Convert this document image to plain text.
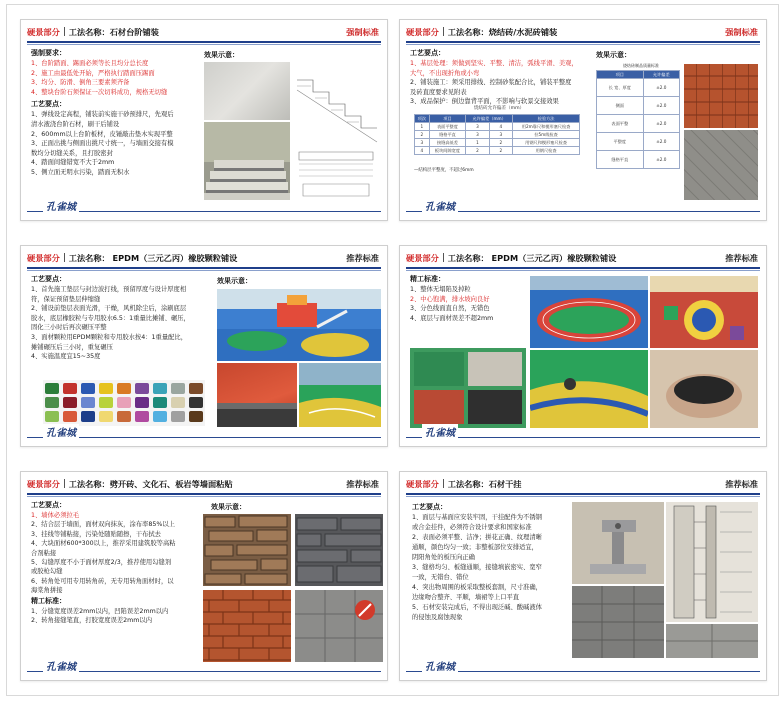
硬景部分 工法名称：石材台阶铺装	强制标准

强制要求：

1、台阶踏面、踢面必须等长且均分总长度

2、施工由最低处开始，严格执行踏面压踢面

3、均分、防滑、倒角三要素须齐备

4、整块台阶石须保证一次切料成功，规格无切缝

工艺要点：

1、弹线设定高程，铺装前实施干砂预排尺，先观后

清水液浇台阶石材，刷干后铺设

2、600mm以上台阶板材，皮锤敲击垫木实现平整

3、正面出挑与侧面出挑尺寸统一，与墙面交接有模

数均分切缝关系，且打胶密封

4、踏面间缝错宽不大于2mm

5、侧立面无明水污染，踏面无积水

效果示意：
孔雀城
硬景部分 工法名称：烧结砖/水泥砖铺装	强制标准

工艺要点：

1、基层处理：须做到坚实、平整、清洁，弧线平滑、美观，

大气，不出现折角或小弯

2、铺装施工：须采用排线、控制砂浆配合比，铺装平整度

及砖直度要求见附表

3、成品保护：倒边靠背平面，不影响与软景交接效果

烧结砖允许偏差（mm）
项次	项目	允许偏差（mm）		检验方法
1	表面平整度	3	4	用2m靠尺和楔形塞尺检查
2	缝格平直	3	3	拉5m线检查
3	接缝高低差	1	2	用钢尺和楔形塞尺检查
4	板块间隙宽度	2	2	用钢尺检查
—结构层平整度，不超过6mm
效果示意：
烧结砖制品质量标准
项目	允许偏差
长 宽、厚度	±2.0
侧面	±2.0
表面平整	±2.0
平整度	±2.0
缝格平直	±2.0
孔雀城
硬景部分 工法名称： EPDM（三元乙丙）橡胶颗粒铺设	推荐标准

工艺要点：

1、首先施工垫层与封边波打线，预留厚度与设计厚度相

符，保证预留垫层伸缩缝

2、铺设前垫层表面光滑，干燥，风机除尘后，涂刷底层

胶水，底层橡胶粒与专用胶水6.5：1重量比摊铺、碾压，

固化三小时后再次碾压平整

3、面材颗粒用EPDM颗粒和专用胶水按4：1重量配比，

摊铺碾压后三小时，重复碾压

4、实施温度宜15~35度

效果示意：
孔雀城
硬景部分 工法名称： EPDM（三元乙丙）橡胶颗粒铺设	推荐标准

精工标准：

1、整体无塌陷及掉粒

2、中心饱满，排水坡向良好

3、分色线面直自然，无错色

4、底层与面材误差不超2mm

孔雀城
硬景部分 工法名称：劈开砖、文化石、板岩等墙面粘贴	推荐标准

工艺要点：

1、墙体必须拉毛

2、结合层于墙面，面材双向抹灰，涂布率85%以上

3、挂线等铺粘接，污染处随贴随擦，干布拭去

4、大块面材600*300以上，推荐采用建筑胶等高粘

合剂粘接

5、勾缝厚度不小于面材厚度2/3，推荐使用勾缝剂

或胶枪勾缝

6、转角处可用专用转角砖，无专用转角面材时，以

海棠角拼接

精工标准：

1、分缝宽度误差2mm以内，凹陷误差2mm以内

2、转角接缝笔直，打胶宽度误差2mm以内

效果示意：
孔雀城
硬景部分 工法名称：石材干挂	推荐标准

工艺要点：

1、面层与基面应安装牢固，干挂配件为不锈钢

或合金挂件，必须符合设计要求和国家标准

2、表面必须平整、洁净；拼花正确、纹理清晰

通顺，颜色均匀一致；非整板部位安排适宜，

阴阳角处的板压向正确

3、缝格均匀、板缝通顺，接缝填嵌密实、宽窄

一致，无错台、错位

4、突出物周围的板采取整板套割，尺寸准确，

边缘吻合整齐、平顺，墙裙等上口平直

5、石材安装完成后，不得出现泛碱、酸碱液体

的侵蚀及腐蚀现象

孔雀城
